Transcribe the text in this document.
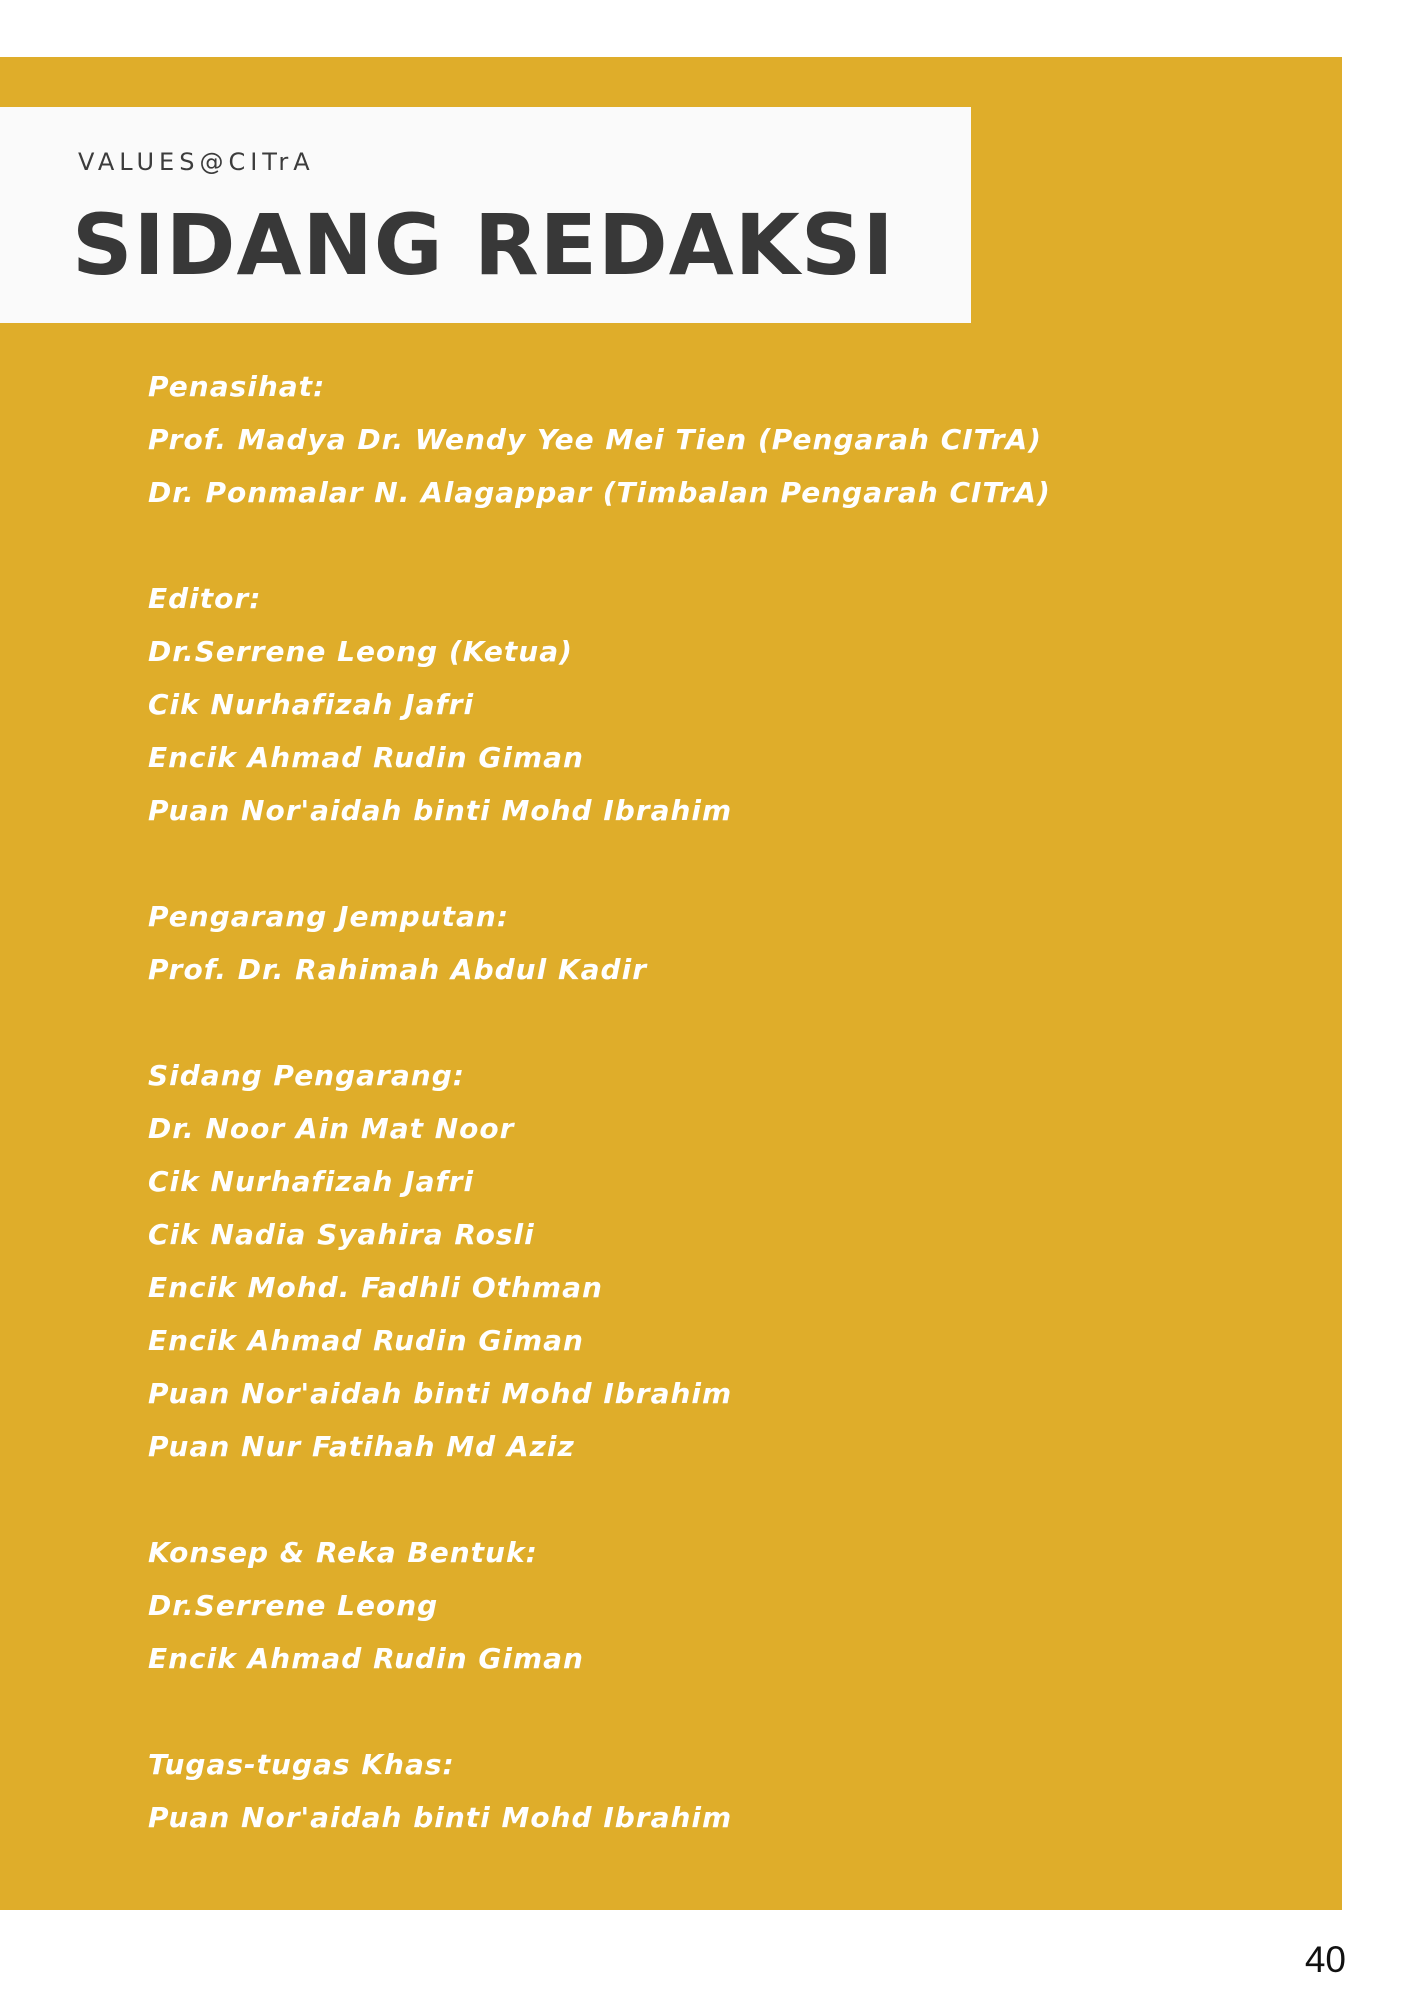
VALUES@CITrA
SIDANG REDAKSI
Penasihat:
Prof. Madya Dr. Wendy Yee Mei Tien (Pengarah CITrA)
Dr. Ponmalar N. Alagappar (Timbalan Pengarah CITrA)
Editor:
Dr.Serrene Leong (Ketua)
Cik Nurhafizah Jafri
Encik Ahmad Rudin Giman
Puan Nor'aidah binti Mohd Ibrahim
Pengarang Jemputan:
Prof. Dr. Rahimah Abdul Kadir
Sidang Pengarang:
Dr. Noor Ain Mat Noor
Cik Nurhafizah Jafri
Cik Nadia Syahira Rosli
Encik Mohd. Fadhli Othman
Encik Ahmad Rudin Giman
Puan Nor'aidah binti Mohd Ibrahim
Puan Nur Fatihah Md Aziz
Konsep & Reka Bentuk:
Dr.Serrene Leong
Encik Ahmad Rudin Giman
Tugas-tugas Khas:
Puan Nor'aidah binti Mohd Ibrahim
40
